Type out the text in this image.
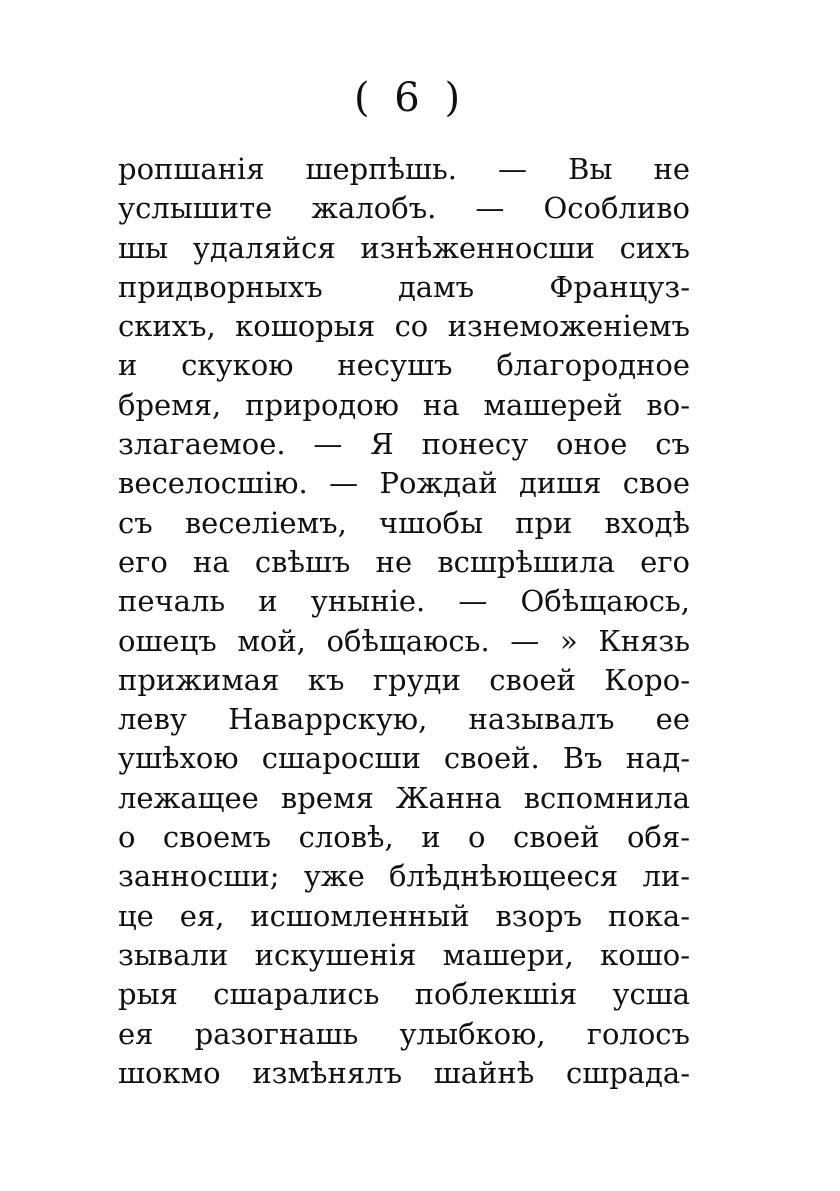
( 6 )
ропшанія шерпѣшь. — Вы не
услышите жалобъ. — Особливо
шы удаляйся изнѣженносши сихъ
придворныхъ дамъ Француз-
скихъ, кошорыя со изнеможеніемъ
и скукою несушъ благородное
бремя, природою на машерей во-
злагаемое. — Я понесу оное съ
веселосшію. — Рождай дишя свое
съ веселіемъ, чшобы при входѣ
его на свѣшъ не всшрѣшила его
печаль и уныніе. — Обѣщаюсь,
ошецъ мой, обѣщаюсь. — » Князь
прижимая къ груди своей Коро-
леву Наваррскую, называлъ ее
ушѣхою сшаросши своей. Въ над-
лежащее время Жанна вспомнила
о своемъ словѣ, и о своей обя-
занносши; уже блѣднѣющееся ли-
це ея, исшомленный взоръ пока-
зывали искушенія машери, кошо-
рыя сшарались поблекшія усша
ея разогнашь улыбкою, голосъ
шокмо измѣнялъ шайнѣ сшрада-
